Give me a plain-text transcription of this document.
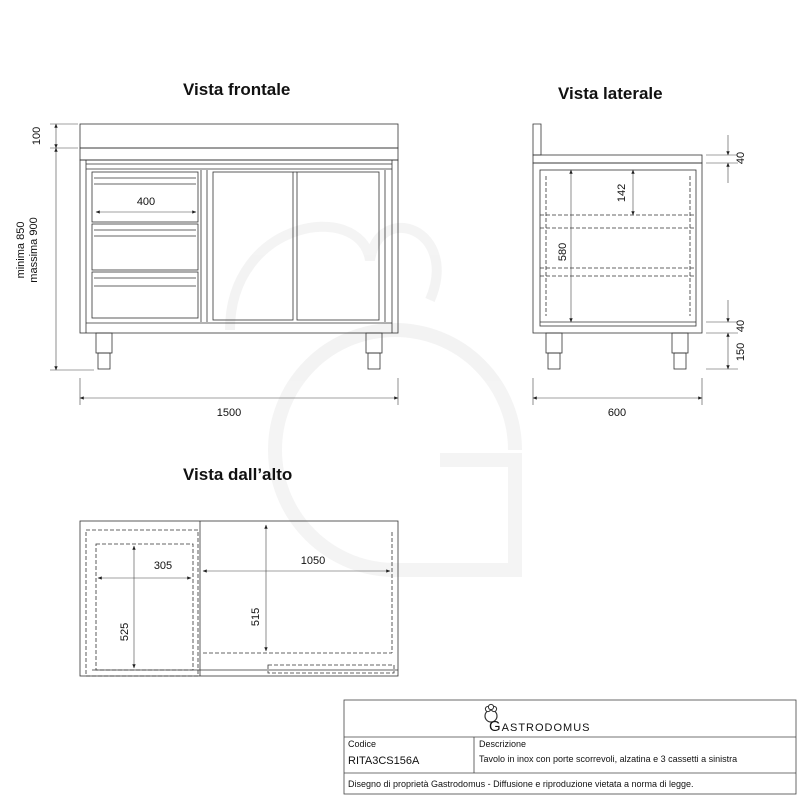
Vista frontale	Vista laterale
Vista dall’alto
1500
400
100
minima 850 massima 900
600
40
142
580
40
150
305
525
1050
515
Gastrodomus
Codice
RITA3CS156A
Descrizione
Tavolo in inox con porte scorrevoli, alzatina e 3 cassetti a sinistra
Disegno di proprietà Gastrodomus - Diffusione e riproduzione vietata a norma di legge.
